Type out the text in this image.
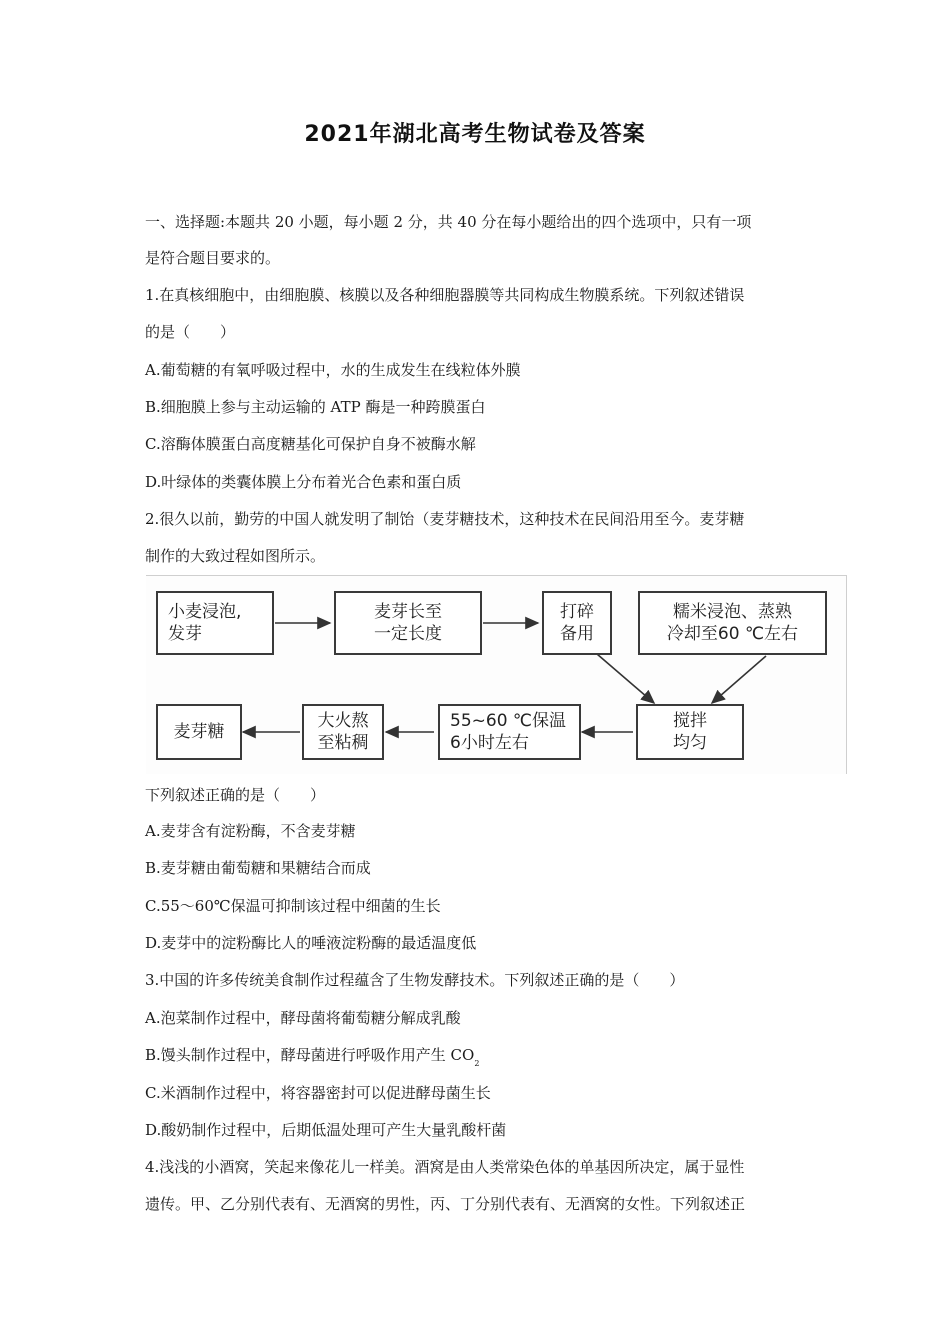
2021年湖北高考生物试卷及答案
一、选择题:本题共 20 小题，每小题 2 分，共 40 分在每小题给出的四个选项中，只有一项
是符合题目要求的。
1.在真核细胞中，由细胞膜、核膜以及各种细胞器膜等共同构成生物膜系统。下列叙述错误
的是（　　）
A.葡萄糖的有氧呼吸过程中，水的生成发生在线粒体外膜
B.细胞膜上参与主动运输的 ATP 酶是一种跨膜蛋白
C.溶酶体膜蛋白高度糖基化可保护自身不被酶水解
D.叶绿体的类囊体膜上分布着光合色素和蛋白质
2.很久以前，勤劳的中国人就发明了制饴（麦芽糖技术，这种技术在民间沿用至今。麦芽糖
制作的大致过程如图所示。
小麦浸泡,
发芽
麦芽长至
一定长度
打碎
备用
糯米浸泡、蒸熟
冷却至60 ℃左右
搅拌
均匀
55~60 ℃保温
6小时左右
大火熬
至粘稠
麦芽糖
下列叙述正确的是（　　）
A.麦芽含有淀粉酶，不含麦芽糖
B.麦芽糖由葡萄糖和果糖结合而成
C.55～60℃保温可抑制该过程中细菌的生长
D.麦芽中的淀粉酶比人的唾液淀粉酶的最适温度低
3.中国的许多传统美食制作过程蕴含了生物发酵技术。下列叙述正确的是（　　）
A.泡菜制作过程中，酵母菌将葡萄糖分解成乳酸
B.馒头制作过程中，酵母菌进行呼吸作用产生 $CO_2$
C.米酒制作过程中，将容器密封可以促进酵母菌生长
D.酸奶制作过程中，后期低温处理可产生大量乳酸杆菌
4.浅浅的小酒窝，笑起来像花儿一样美。酒窝是由人类常染色体的单基因所决定，属于显性
遗传。甲、乙分别代表有、无酒窝的男性，丙、丁分别代表有、无酒窝的女性。下列叙述正
